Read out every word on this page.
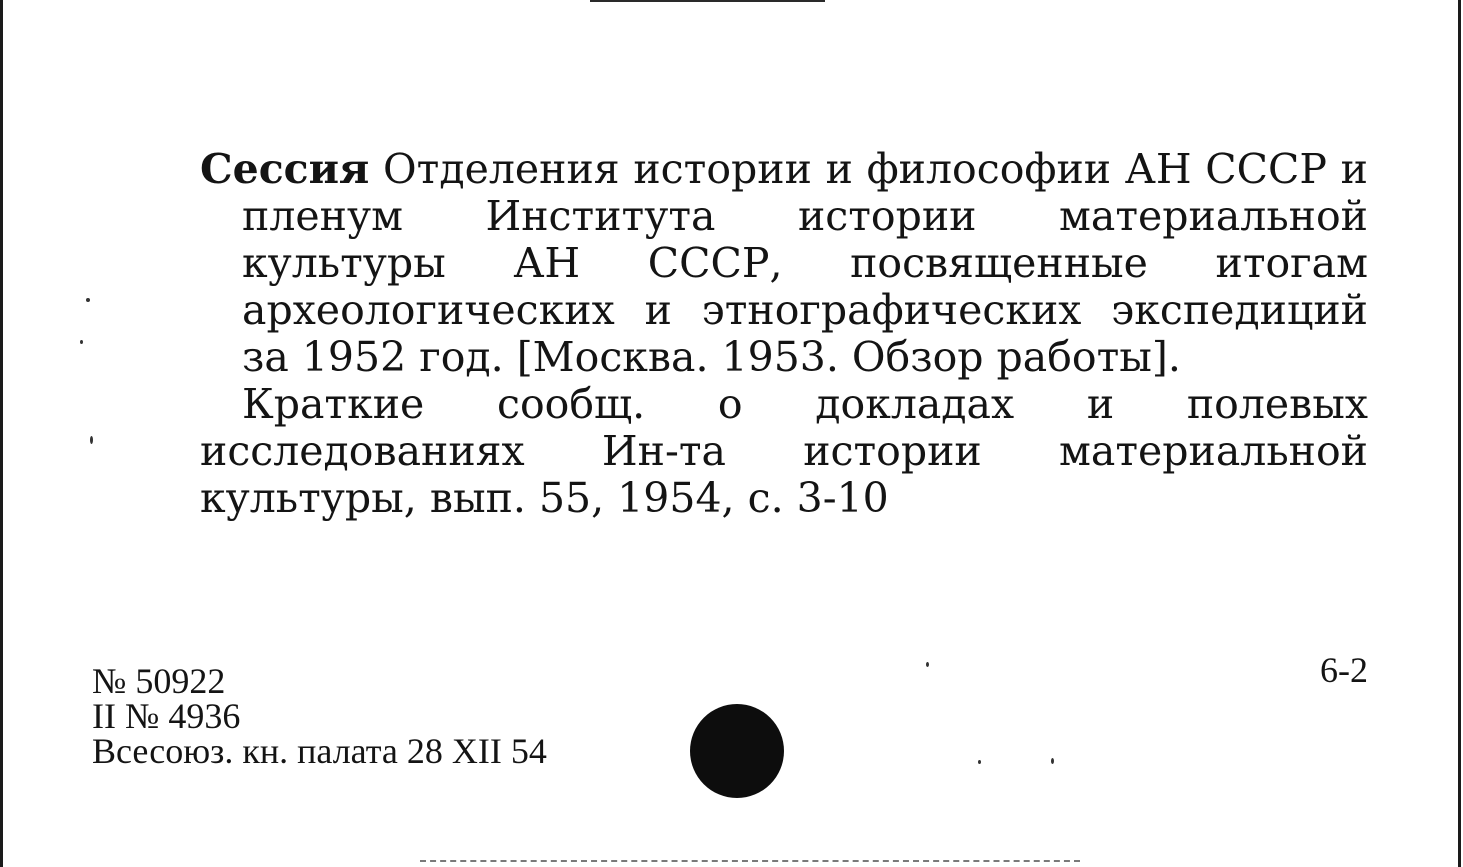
Сессия Отделения истории и философии АН СССР и пленум Института истории материальной культуры АН СССР, посвященные итогам археологических и этнографических экспедиций за 1952 год. [Москва. 1953. Обзор работы].

Краткие сообщ. о докладах и полевых исследованиях Ин-та истории материальной культуры, вып. 55, 1954, с. 3-10

№ 50922
II № 4936
Всесоюз. кн. палата 28 XII 54
6-2
